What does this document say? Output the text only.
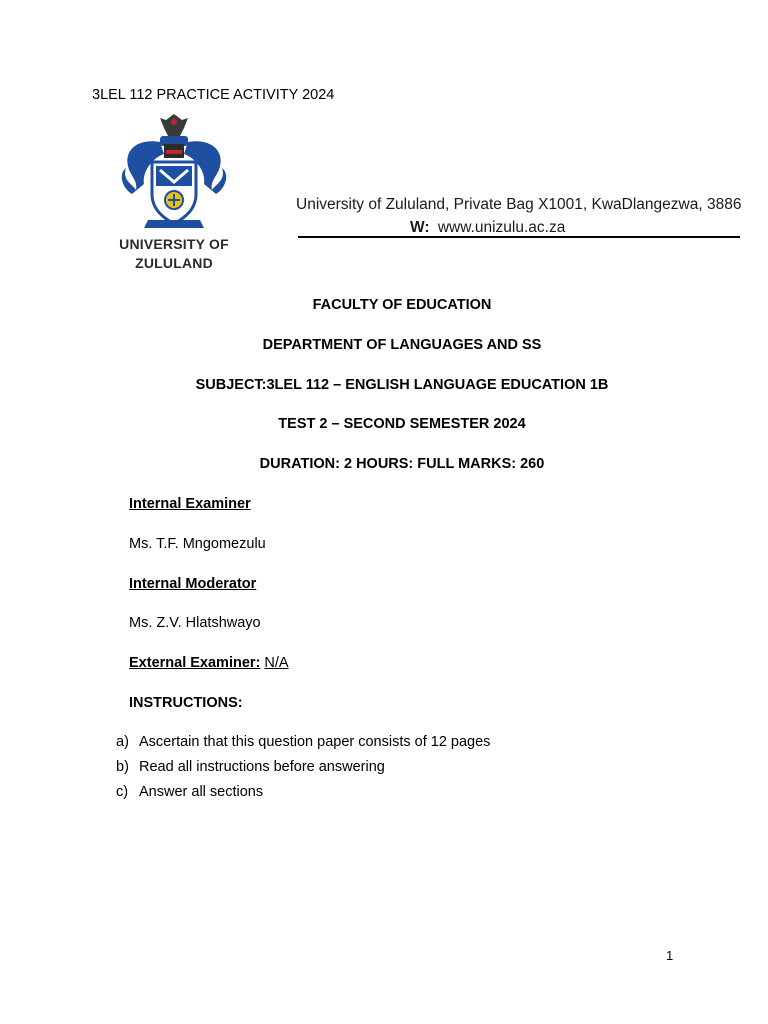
3LEL 112 PRACTICE ACTIVITY 2024
UNIVERSITY OF
ZULULAND
University of Zululand, Private Bag X1001, KwaDlangezwa, 3886
W: www.unizulu.ac.za
FACULTY OF EDUCATION
DEPARTMENT OF LANGUAGES AND SS
SUBJECT:3LEL 112 – ENGLISH LANGUAGE EDUCATION 1B
TEST 2 – SECOND SEMESTER 2024
DURATION: 2 HOURS: FULL MARKS: 260
Internal Examiner
Ms. T.F. Mngomezulu
Internal Moderator
Ms. Z.V. Hlatshwayo
External Examiner: N/A
INSTRUCTIONS:
a) Ascertain that this question paper consists of 12 pages
b) Read all instructions before answering
c) Answer all sections
1
